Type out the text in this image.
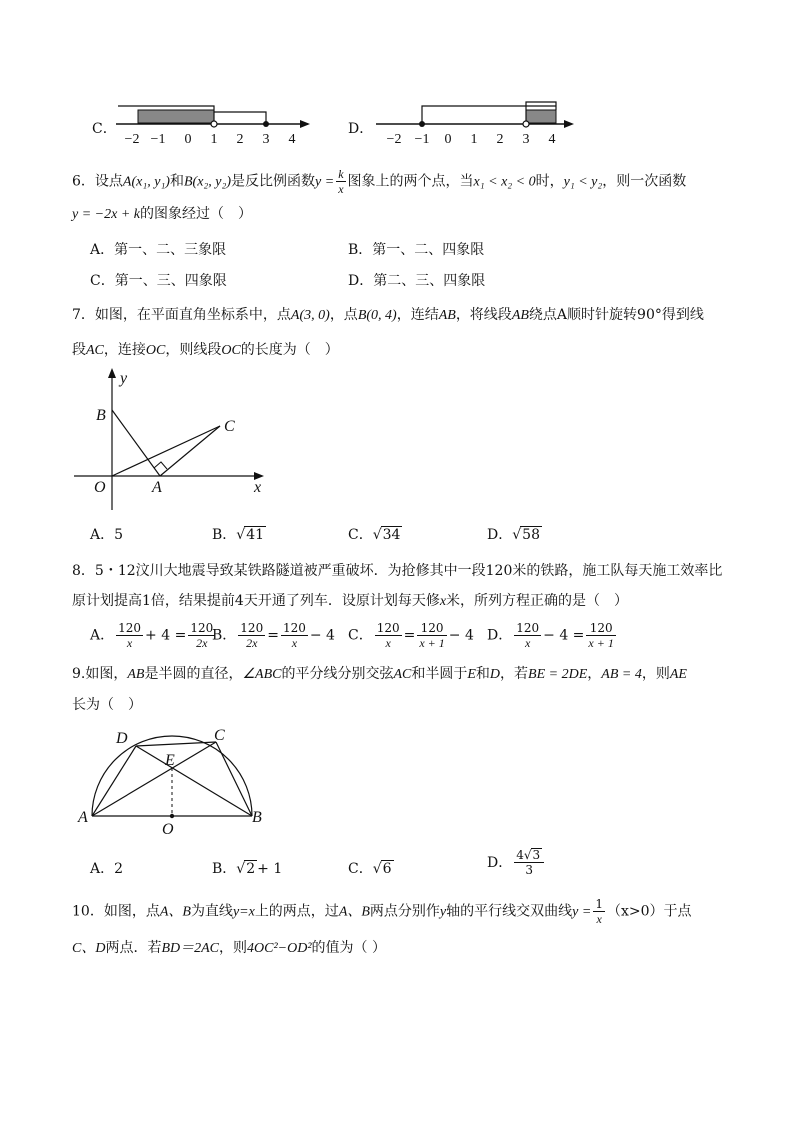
C．
−2 −1 0 1 2 3 4
D．
−2 −1 0 1 2 3 4
6．设点A(x₁, y₁)和B(x₂, y₂)是反比例函数$y = \frac{k}{x}$ 图象上的两个点，当x₁ < x₂ < 0时，y₁ < y₂，则一次函数
y = −2x + k的图象经过（　）
A．第一、二、三象限	B．第一、二、四象限
C．第一、三、四象限	D．第二、三、四象限
7．如图，在平面直角坐标系中，点A(3, 0)，点B(0, 4)，连结AB，将线段AB绕点A顺时针旋转90°得到线
段AC，连接OC，则线段OC的长度为（　）
y
x
B
C
O	A
A．5	B．√41	C．√34	D．√58
8．5・12汶川大地震导致某铁路隧道被严重破坏．为抢修其中一段120米的铁路，施工队每天施工效率比
原计划提高1倍，结果提前4天开通了列车．设原计划每天修x米，所列方程正确的是（　）
A． $\frac{120}{x} + 4 = \frac{120}{2x}$
B． $\frac{120}{2x} = \frac{120}{x} - 4$ C． $\frac{120}{x} = \frac{120}{x + 1} - 4$ D． $\frac{120}{x} - 4 = \frac{120}{x + 1}$
9.如图，AB是半圆的直径，∠ABC的平分线分别交弦AC和半圆于E和D，若BE = 2DE，AB = 4，则AE
长为（　）
D	C
E
A
O
B
A．2	B．√2 + 1	C．√6	D． $\frac{4√3}{3}$
10．如图，点A、B为直线y=x上的两点，过A、B两点分别作y轴的平行线交双曲线$y = \frac{1}{x} (x>0)$于点
C、D两点．若BD＝2AC，则4OC²−OD²的值为（ ）
